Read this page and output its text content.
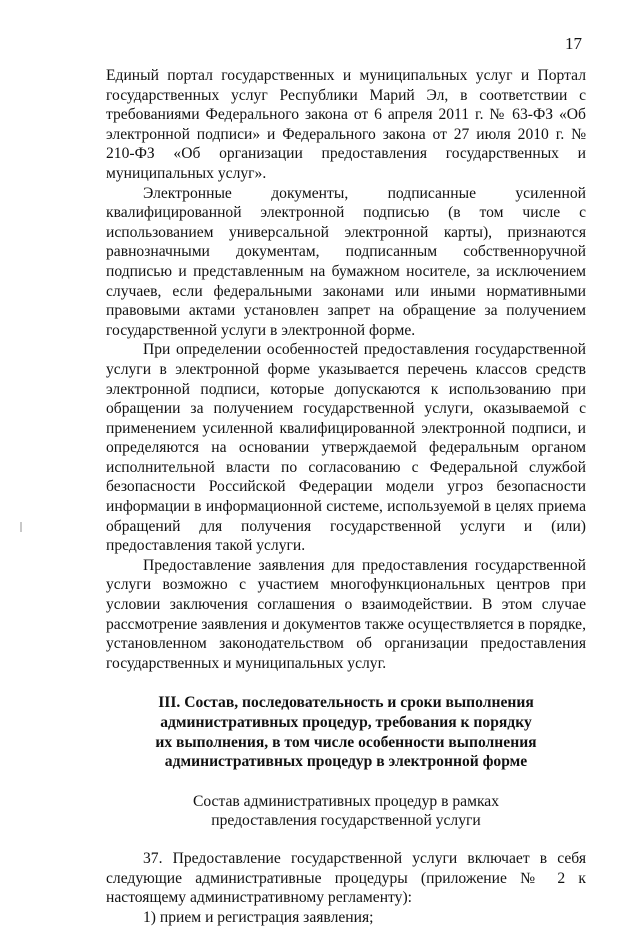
17

Единый портал государственных и муниципальных услуг и Портал государственных услуг Республики Марий Эл, в соответствии с требованиями Федерального закона от 6 апреля 2011 г. № 63-ФЗ «Об электронной подписи» и Федерального закона от 27 июля 2010 г. № 210-ФЗ «Об организации предоставления государственных и муниципальных услуг».

Электронные документы, подписанные усиленной квалифицированной электронной подписью (в том числе с использованием универсальной электронной карты), признаются равнозначными документам, подписанным собственноручной подписью и представленным на бумажном носителе, за исключением случаев, если федеральными законами или иными нормативными правовыми актами установлен запрет на обращение за получением государственной услуги в электронной форме.

При определении особенностей предоставления государственной услуги в электронной форме указывается перечень классов средств электронной подписи, которые допускаются к использованию при обращении за получением государственной услуги, оказываемой с применением усиленной квалифицированной электронной подписи, и определяются на основании утверждаемой федеральным органом исполнительной власти по согласованию с Федеральной службой безопасности Российской Федерации модели угроз безопасности информации в информационной системе, используемой в целях приема обращений для получения государственной услуги и (или) предоставления такой услуги.

Предоставление заявления для предоставления государственной услуги возможно с участием многофункциональных центров при условии заключения соглашения о взаимодействии. В этом случае рассмотрение заявления и документов также осуществляется в порядке, установленном законодательством об организации предоставления государственных и муниципальных услуг.

III. Состав, последовательность и сроки выполнения
административных процедур, требования к порядку
их выполнения, в том числе особенности выполнения
административных процедур в электронной форме
Состав административных процедур в рамках
предоставления государственной услуги

37. Предоставление государственной услуги включает в себя следующие административные процедуры (приложение № 2 к настоящему административному регламенту):

1) прием и регистрация заявления;
